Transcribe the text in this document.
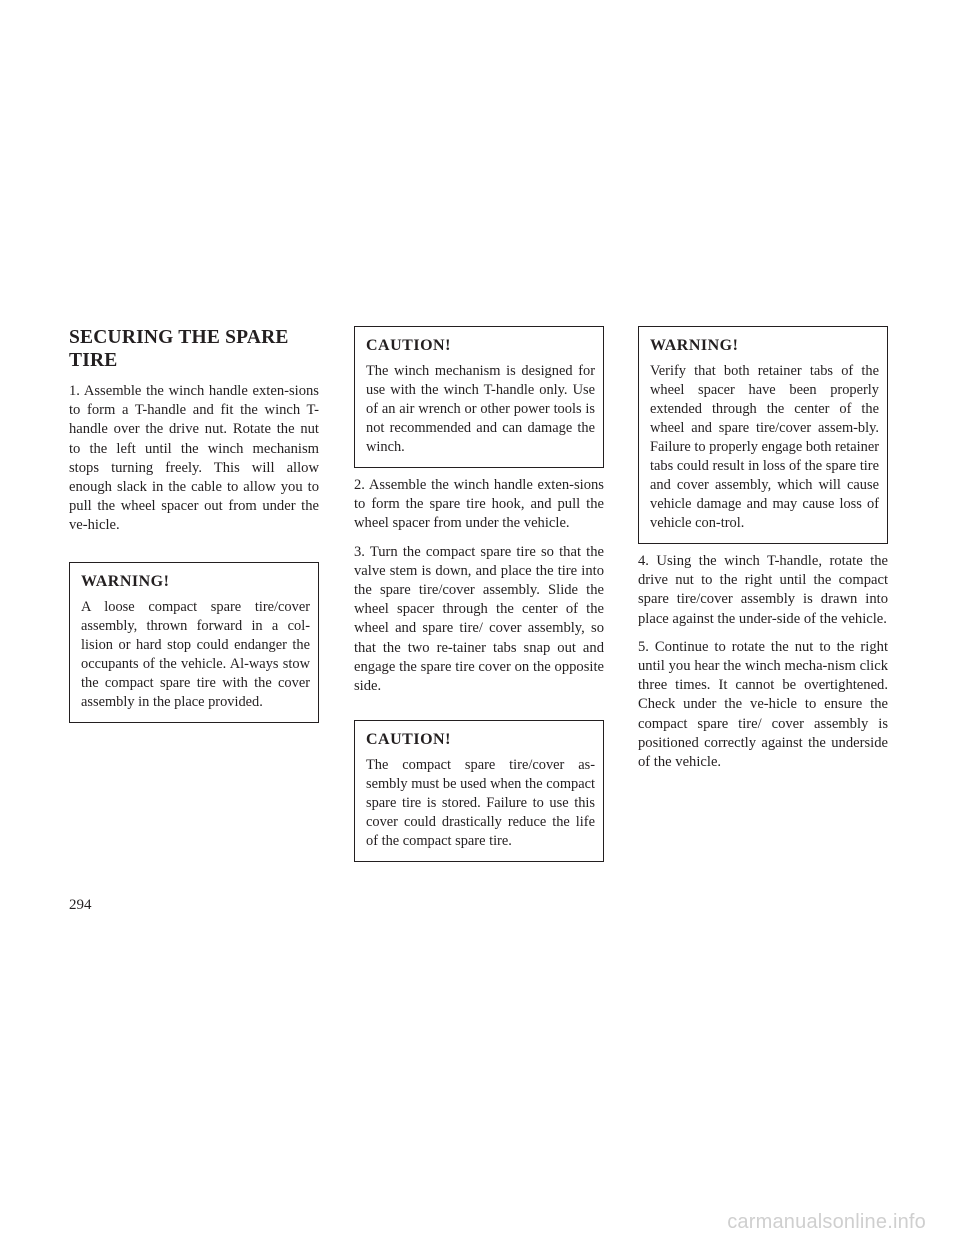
SECURING THE SPARE TIRE
1. Assemble the winch handle exten-sions to form a T-handle and fit the winch T-handle over the drive nut. Rotate the nut to the left until the winch mechanism stops turning freely. This will allow enough slack in the cable to allow you to pull the wheel spacer out from under the ve-hicle.
WARNING!
A loose compact spare tire/cover assembly, thrown forward in a col-lision or hard stop could endanger the occupants of the vehicle. Al-ways stow the compact spare tire with the cover assembly in the place provided.
CAUTION!
The winch mechanism is designed for use with the winch T-handle only. Use of an air wrench or other power tools is not recommended and can damage the winch.
2. Assemble the winch handle exten-sions to form the spare tire hook, and pull the wheel spacer from under the vehicle.
3. Turn the compact spare tire so that the valve stem is down, and place the tire into the spare tire/cover assembly. Slide the wheel spacer through the center of the wheel and spare tire/ cover assembly, so that the two re-tainer tabs snap out and engage the spare tire cover on the opposite side.
CAUTION!
The compact spare tire/cover as-sembly must be used when the compact spare tire is stored. Failure to use this cover could drastically reduce the life of the compact spare tire.
WARNING!
Verify that both retainer tabs of the wheel spacer have been properly extended through the center of the wheel and spare tire/cover assem-bly. Failure to properly engage both retainer tabs could result in loss of the spare tire and cover assembly, which will cause vehicle damage and may cause loss of vehicle con-trol.
4. Using the winch T-handle, rotate the drive nut to the right until the compact spare tire/cover assembly is drawn into place against the under-side of the vehicle.
5. Continue to rotate the nut to the right until you hear the winch mecha-nism click three times. It cannot be overtightened. Check under the ve-hicle to ensure the compact spare tire/ cover assembly is positioned correctly against the underside of the vehicle.
294
carmanualsonline.info
